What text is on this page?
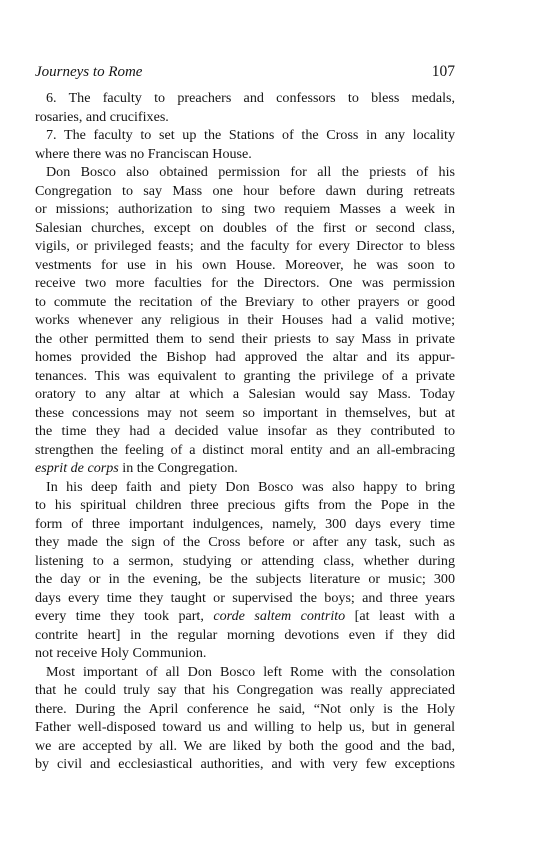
Journeys to Rome	107
6. The faculty to preachers and confessors to bless medals,
rosaries, and crucifixes.
7. The faculty to set up the Stations of the Cross in any locality
where there was no Franciscan House.
Don Bosco also obtained permission for all the priests of his
Congregation to say Mass one hour before dawn during retreats
or missions; authorization to sing two requiem Masses a week in
Salesian churches, except on doubles of the first or second class,
vigils, or privileged feasts; and the faculty for every Director to bless
vestments for use in his own House. Moreover, he was soon to
receive two more faculties for the Directors. One was permission
to commute the recitation of the Breviary to other prayers or good
works whenever any religious in their Houses had a valid motive;
the other permitted them to send their priests to say Mass in private
homes provided the Bishop had approved the altar and its appur-
tenances. This was equivalent to granting the privilege of a private
oratory to any altar at which a Salesian would say Mass. Today
these concessions may not seem so important in themselves, but at
the time they had a decided value insofar as they contributed to
strengthen the feeling of a distinct moral entity and an all-embracing
esprit de corps in the Congregation.
In his deep faith and piety Don Bosco was also happy to bring
to his spiritual children three precious gifts from the Pope in the
form of three important indulgences, namely, 300 days every time
they made the sign of the Cross before or after any task, such as
listening to a sermon, studying or attending class, whether during
the day or in the evening, be the subjects literature or music; 300
days every time they taught or supervised the boys; and three years
every time they took part, corde saltem contrito [at least with a
contrite heart] in the regular morning devotions even if they did
not receive Holy Communion.
Most important of all Don Bosco left Rome with the consolation
that he could truly say that his Congregation was really appreciated
there. During the April conference he said, “Not only is the Holy
Father well-disposed toward us and willing to help us, but in general
we are accepted by all. We are liked by both the good and the bad,
by civil and ecclesiastical authorities, and with very few exceptions
